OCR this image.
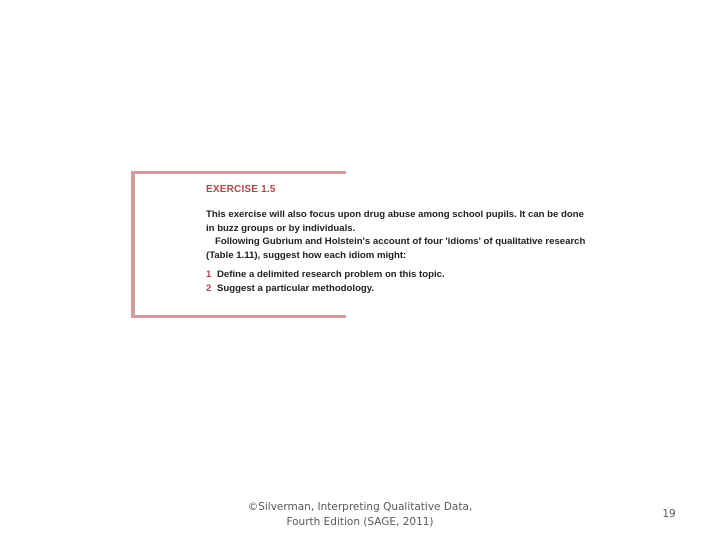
EXERCISE 1.5

This exercise will also focus upon drug abuse among school pupils. It can be done in buzz groups or by individuals.

Following Gubrium and Holstein's account of four 'idioms' of qualitative research (Table 1.11), suggest how each idiom might:

1 Define a delimited research problem on this topic.
2 Suggest a particular methodology.
©Silverman, Interpreting Qualitative Data,
Fourth Edition (SAGE, 2011)
19
